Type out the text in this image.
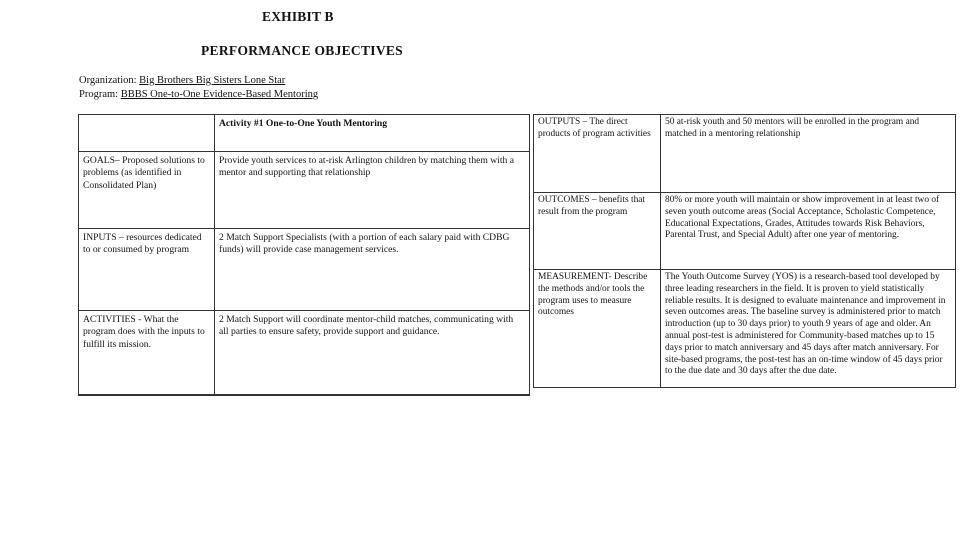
EXHIBIT B
PERFORMANCE OBJECTIVES
Organization: Big Brothers Big Sisters Lone Star
Program: BBBS One-to-One Evidence-Based Mentoring
	Activity #1 One-to-One Youth Mentoring
GOALS– Proposed solutions to problems (as identified in Consolidated Plan)	Provide youth services to at-risk Arlington children by matching them with a mentor and supporting that relationship
INPUTS – resources dedicated to or consumed by program	2 Match Support Specialists (with a portion of each salary paid with CDBG funds) will provide case management services.
ACTIVITIES - What the program does with the inputs to fulfill its mission.	2 Match Support will coordinate mentor-child matches, communicating with all parties to ensure safety, provide support and guidance.
OUTPUTS – The direct products of program activities	50 at-risk youth and 50 mentors will be enrolled in the program and matched in a mentoring relationship
OUTCOMES – benefits that result from the program	80% or more youth will maintain or show improvement in at least two of seven youth outcome areas (Social Acceptance, Scholastic Competence, Educational Expectations, Grades, Attitudes towards Risk Behaviors, Parental Trust, and Special Adult) after one year of mentoring.
MEASUREMENT- Describe the methods and/or tools the program uses to measure outcomes	The Youth Outcome Survey (YOS) is a research-based tool developed by three leading researchers in the field. It is proven to yield statistically reliable results. It is designed to evaluate maintenance and improvement in seven outcomes areas. The baseline survey is administered prior to match introduction (up to 30 days prior) to youth 9 years of age and older. An annual post-test is administered for Community-based matches up to 15 days prior to match anniversary and 45 days after match anniversary. For site-based programs, the post-test has an on-time window of 45 days prior to the due date and 30 days after the due date.
